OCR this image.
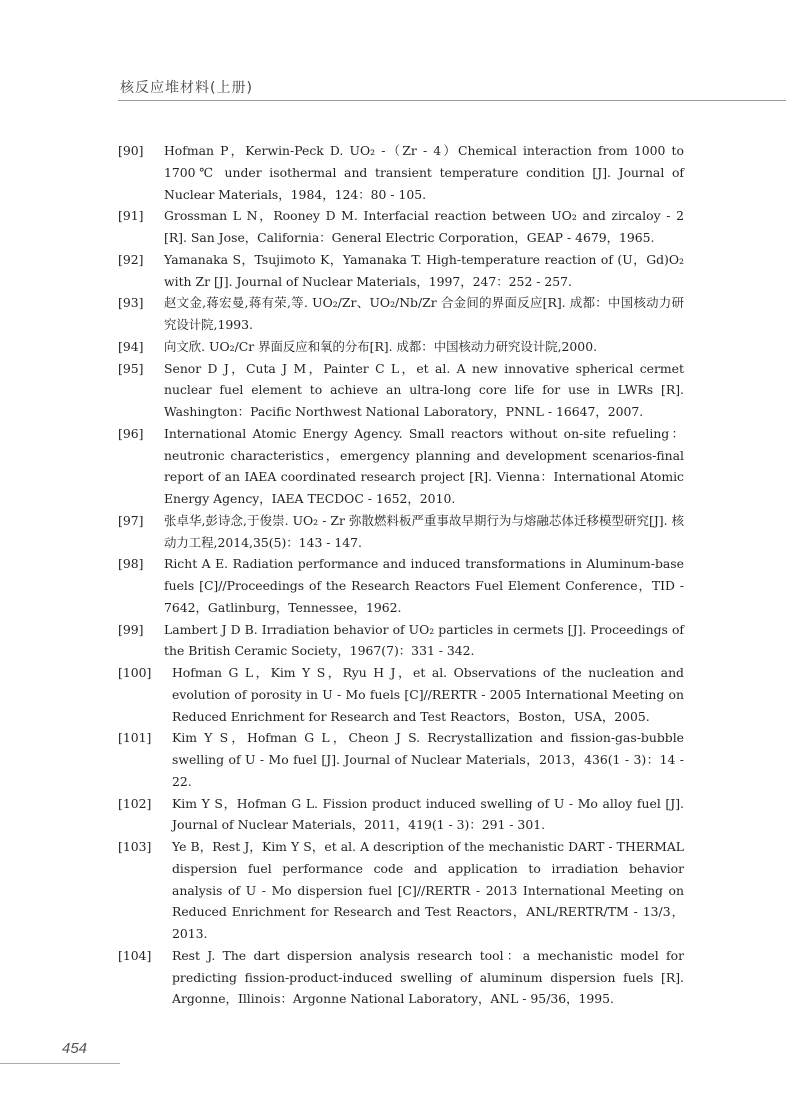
核反应堆材料(上册)
[90] Hofman P，Kerwin-Peck D. UO₂ -（Zr - 4）Chemical interaction from 1000 to 1700℃ under isothermal and transient temperature condition [J]. Journal of Nuclear Materials，1984，124：80 - 105.
[91] Grossman L N，Rooney D M. Interfacial reaction between UO₂ and zircaloy - 2 [R]. San Jose，California：General Electric Corporation，GEAP - 4679，1965.
[92] Yamanaka S，Tsujimoto K，Yamanaka T. High-temperature reaction of (U，Gd)O₂ with Zr [J]. Journal of Nuclear Materials，1997，247：252 - 257.
[93] 赵文金,蒋宏曼,蒋有荣,等. UO₂/Zr、UO₂/Nb/Zr 合金间的界面反应[R]. 成都：中国核动力研究设计院,1993.
[94] 向文欣. UO₂/Cr 界面反应和氧的分布[R]. 成都：中国核动力研究设计院,2000.
[95] Senor D J，Cuta J M，Painter C L，et al. A new innovative spherical cermet nuclear fuel element to achieve an ultra-long core life for use in LWRs [R]. Washington：Pacific Northwest National Laboratory，PNNL - 16647，2007.
[96] International Atomic Energy Agency. Small reactors without on-site refueling：neutronic characteristics，emergency planning and development scenarios-final report of an IAEA coordinated research project [R]. Vienna：International Atomic Energy Agency，IAEA TECDOC - 1652，2010.
[97] 张卓华,彭诗念,于俊崇. UO₂ - Zr 弥散燃料板严重事故早期行为与熔融芯体迁移模型研究[J]. 核动力工程,2014,35(5)：143 - 147.
[98] Richt A E. Radiation performance and induced transformations in Aluminum-base fuels [C]//Proceedings of the Research Reactors Fuel Element Conference，TID - 7642，Gatlinburg，Tennessee，1962.
[99] Lambert J D B. Irradiation behavior of UO₂ particles in cermets [J]. Proceedings of the British Ceramic Society，1967(7)：331 - 342.
[100] Hofman G L，Kim Y S，Ryu H J，et al. Observations of the nucleation and evolution of porosity in U - Mo fuels [C]//RERTR - 2005 International Meeting on Reduced Enrichment for Research and Test Reactors，Boston，USA，2005.
[101] Kim Y S，Hofman G L，Cheon J S. Recrystallization and fission-gas-bubble swelling of U - Mo fuel [J]. Journal of Nuclear Materials，2013，436(1 - 3)：14 - 22.
[102] Kim Y S，Hofman G L. Fission product induced swelling of U - Mo alloy fuel [J]. Journal of Nuclear Materials，2011，419(1 - 3)：291 - 301.
[103] Ye B，Rest J，Kim Y S，et al. A description of the mechanistic DART - THERMAL dispersion fuel performance code and application to irradiation behavior analysis of U - Mo dispersion fuel [C]//RERTR - 2013 International Meeting on Reduced Enrichment for Research and Test Reactors，ANL/RERTR/TM - 13/3，2013.
[104] Rest J. The dart dispersion analysis research tool：a mechanistic model for predicting fission-product-induced swelling of aluminum dispersion fuels [R]. Argonne，Illinois：Argonne National Laboratory，ANL - 95/36，1995.
454
